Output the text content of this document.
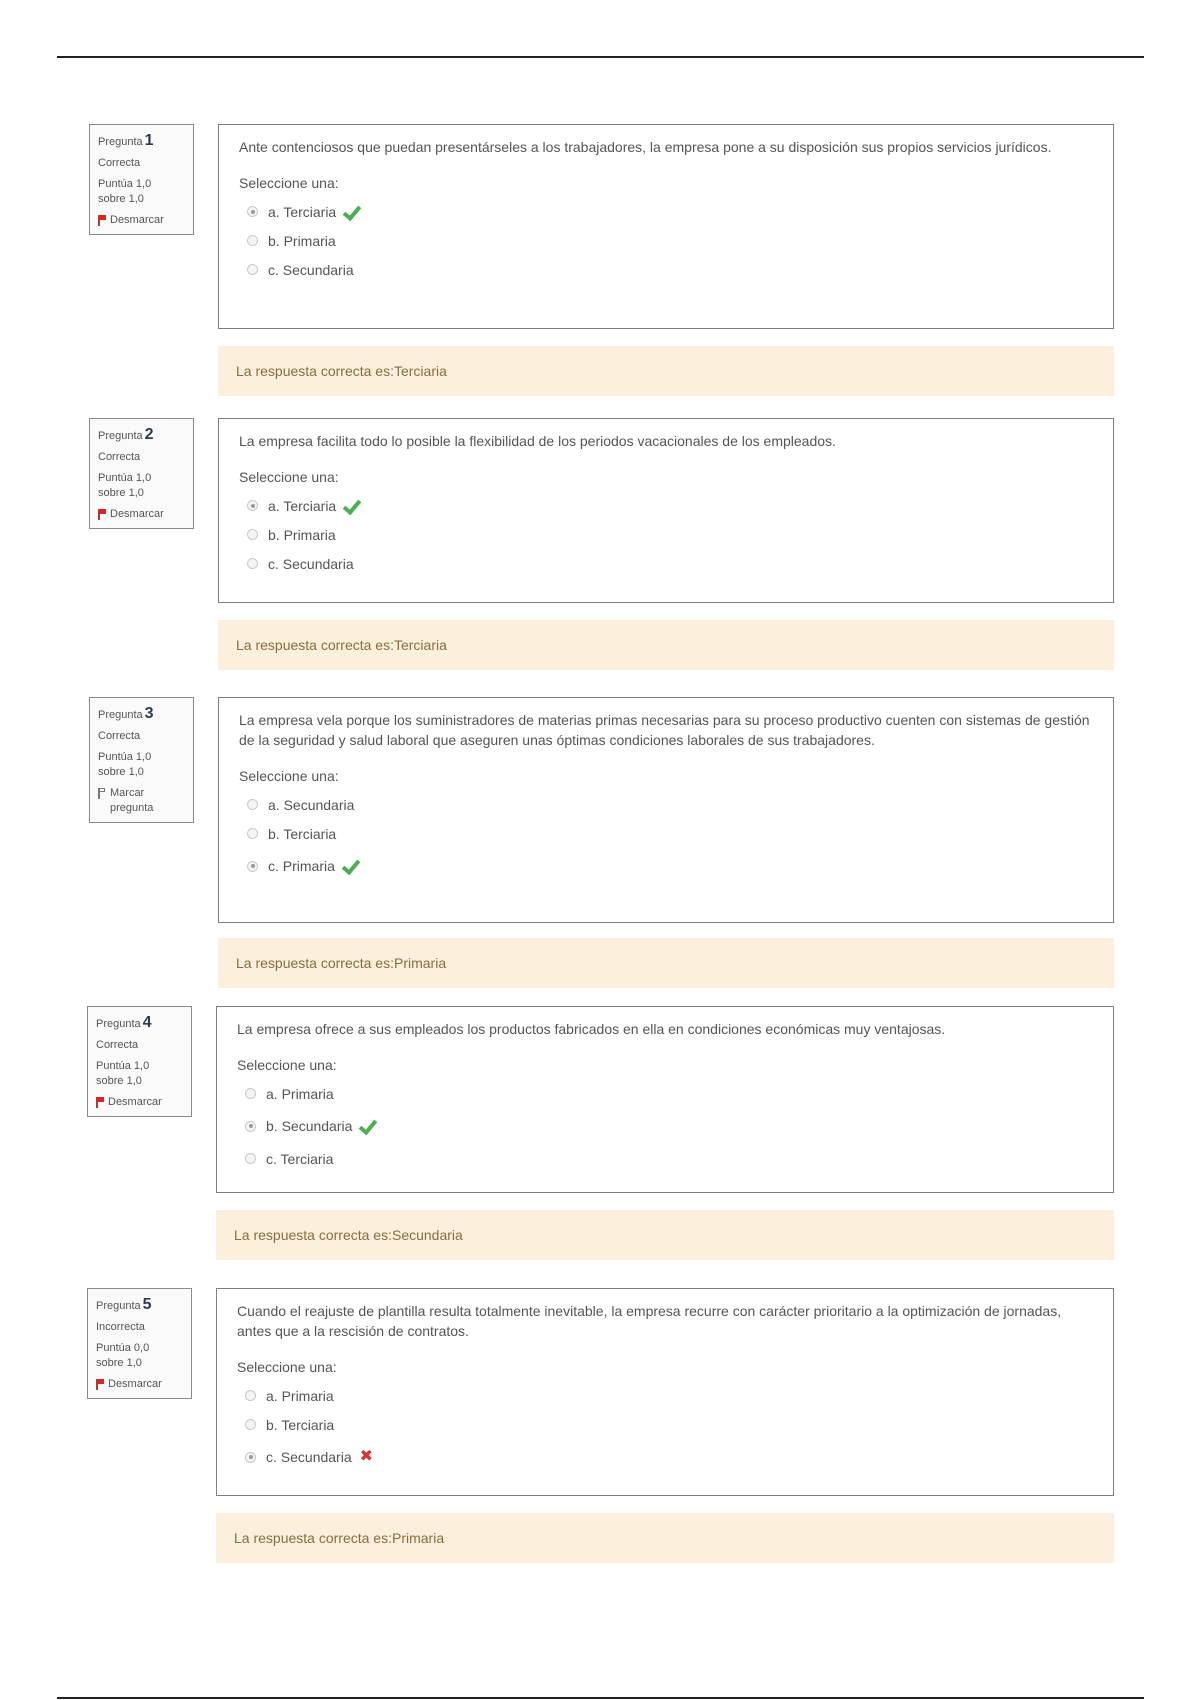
Pregunta 1
Correcta
Puntúa 1,0
sobre 1,0
Desmarcar
Ante contenciosos que puedan presentárseles a los trabajadores, la empresa pone a su disposición sus propios servicios jurídicos.
Seleccione una:
a. Terciaria
b. Primaria
c. Secundaria
La respuesta correcta es: Terciaria
Pregunta 2
Correcta
Puntúa 1,0
sobre 1,0
Desmarcar
La empresa facilita todo lo posible la flexibilidad de los periodos vacacionales de los empleados.
Seleccione una:
a. Terciaria
b. Primaria
c. Secundaria
La respuesta correcta es: Terciaria
Pregunta 3
Correcta
Puntúa 1,0
sobre 1,0
Marcar pregunta
La empresa vela porque los suministradores de materias primas necesarias para su proceso productivo cuenten con sistemas de gestión de la seguridad y salud laboral que aseguren unas óptimas condiciones laborales de sus trabajadores.
Seleccione una:
a. Secundaria
b. Terciaria
c. Primaria
La respuesta correcta es: Primaria
Pregunta 4
Correcta
Puntúa 1,0
sobre 1,0
Desmarcar
La empresa ofrece a sus empleados los productos fabricados en ella en condiciones económicas muy ventajosas.
Seleccione una:
a. Primaria
b. Secundaria
c. Terciaria
La respuesta correcta es: Secundaria
Pregunta 5
Incorrecta
Puntúa 0,0
sobre 1,0
Desmarcar
Cuando el reajuste de plantilla resulta totalmente inevitable, la empresa recurre con carácter prioritario a la optimización de jornadas, antes que a la rescisión de contratos.
Seleccione una:
a. Primaria
b. Terciaria
c. Secundaria ✖
La respuesta correcta es: Primaria
